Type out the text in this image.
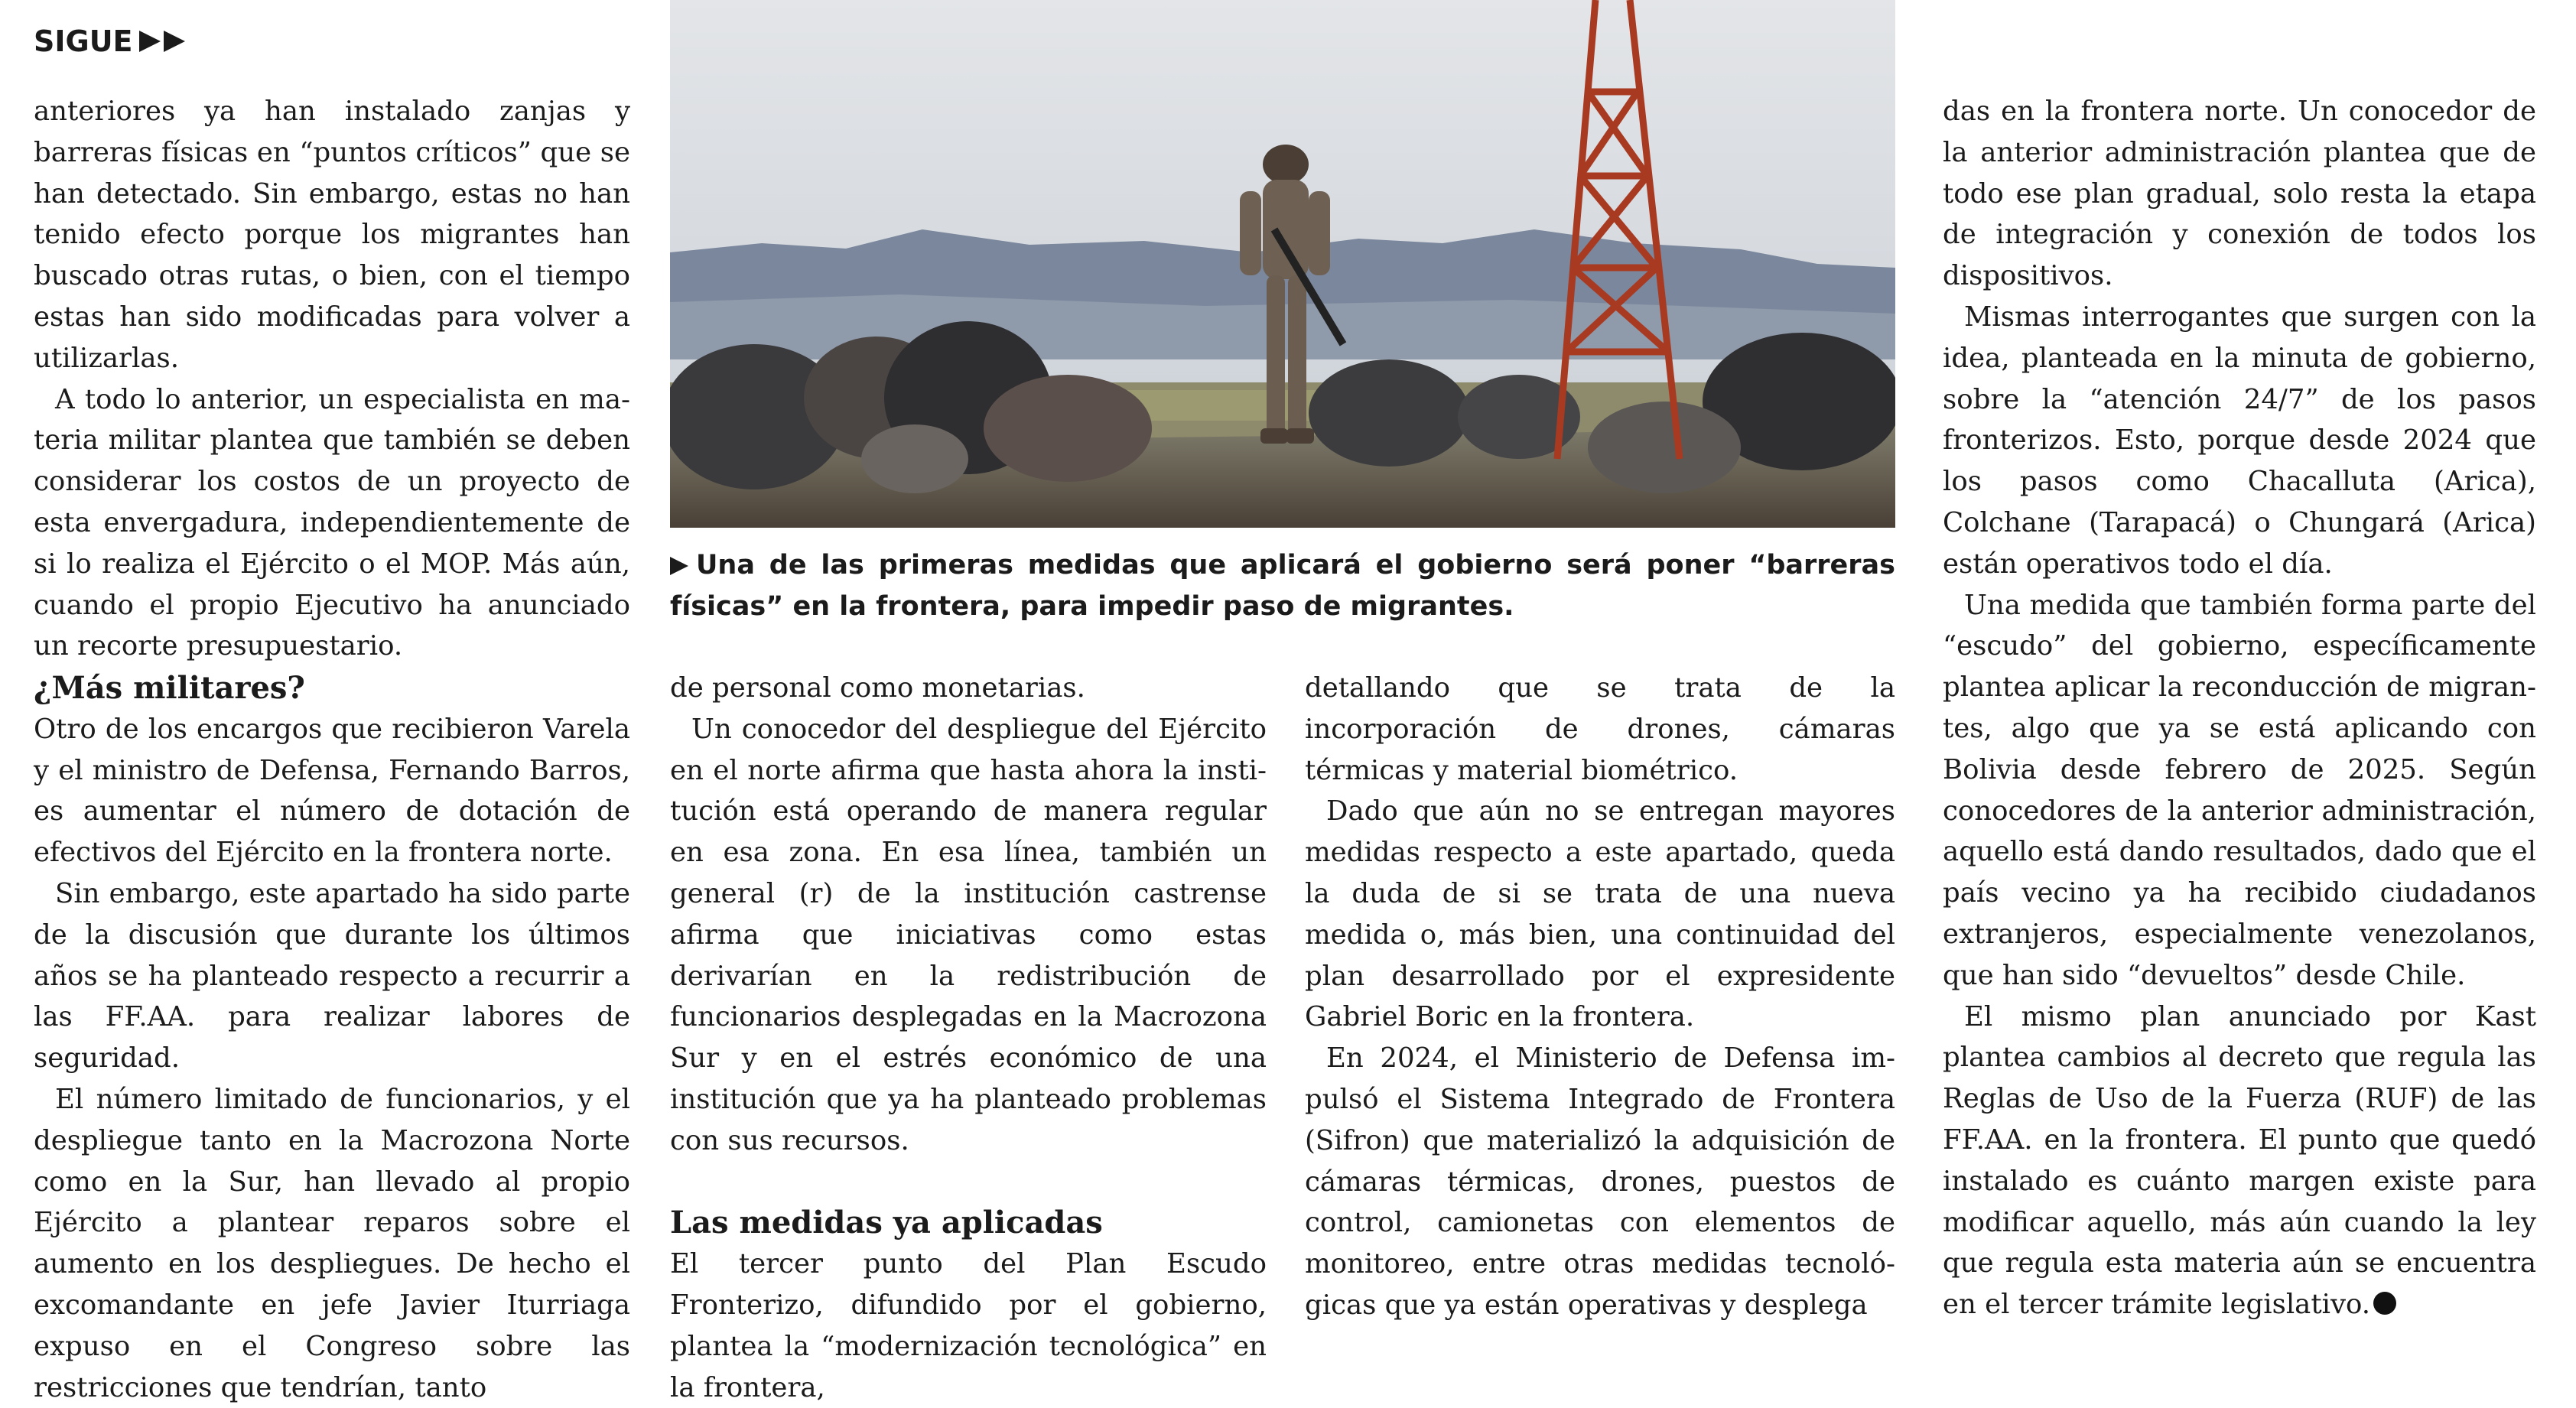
SIGUE
Una de las primeras medidas que aplicará el gobierno será poner “barreras físicas” en la frontera, para impedir paso de migrantes.

anteriores ya han instalado zanjas y barreras físicas en “puntos críticos” que se han detectado. Sin embargo, estas no han tenido efecto porque los migrantes han buscado otras rutas, o bien, con el tiempo estas han sido modificadas para volver a utilizarlas.

A todo lo anterior, un especialista en materia militar plantea que también se deben considerar los costos de un proyecto de esta envergadura, independientemente de si lo realiza el Ejército o el MOP. Más aún, cuando el propio Ejecutivo ha anunciado un recorte presupuestario.

¿Más militares?

Otro de los encargos que recibieron Varela y el ministro de Defensa, Fernando Barros, es aumentar el número de dotación de efectivos del Ejército en la frontera norte.

Sin embargo, este apartado ha sido parte de la discusión que durante los últimos años se ha planteado respecto a recurrir a las FF.AA. para realizar labores de seguridad.

El número limitado de funcionarios, y el despliegue tanto en la Macrozona Norte como en la Sur, han llevado al propio Ejército a plantear reparos sobre el aumento en los despliegues. De hecho el excomandante en jefe Javier Iturriaga expuso en el Congreso sobre las restricciones que tendrían, tanto

de personal como monetarias.

Un conocedor del despliegue del Ejército en el norte afirma que hasta ahora la institución está operando de manera regular en esa zona. En esa línea, también un general (r) de la institución castrense afirma que iniciativas como estas derivarían en la redistribución de funcionarios desplegadas en la Macrozona Sur y en el estrés económico de una institución que ya ha planteado problemas con sus recursos.

Las medidas ya aplicadas

El tercer punto del Plan Escudo Fronterizo, difundido por el gobierno, plantea la “modernización tecnológica” en la frontera,

detallando que se trata de la incorporación de drones, cámaras térmicas y material biométrico.

Dado que aún no se entregan mayores medidas respecto a este apartado, queda la duda de si se trata de una nueva medida o, más bien, una continuidad del plan desarrollado por el expresidente Gabriel Boric en la frontera.

En 2024, el Ministerio de Defensa impulsó el Sistema Integrado de Frontera (Sifron) que materializó la adquisición de cámaras térmicas, drones, puestos de control, camionetas con elementos de monitoreo, entre otras medidas tecnológicas que ya están operativas y desplega

das en la frontera norte. Un conocedor de la anterior administración plantea que de todo ese plan gradual, solo resta la etapa de integración y conexión de todos los dispositivos.

Mismas interrogantes que surgen con la idea, planteada en la minuta de gobierno, sobre la “atención 24/7” de los pasos fronterizos. Esto, porque desde 2024 que los pasos como Chacalluta (Arica), Colchane (Tarapacá) o Chungará (Arica) están operativos todo el día.

Una medida que también forma parte del “escudo” del gobierno, específicamente plantea aplicar la reconducción de migrantes, algo que ya se está aplicando con Bolivia desde febrero de 2025. Según conocedores de la anterior administración, aquello está dando resultados, dado que el país vecino ya ha recibido ciudadanos extranjeros, especialmente venezolanos, que han sido “devueltos” desde Chile.

El mismo plan anunciado por Kast plantea cambios al decreto que regula las Reglas de Uso de la Fuerza (RUF) de las FF.AA. en la frontera. El punto que quedó instalado es cuánto margen existe para modificar aquello, más aún cuando la ley que regula esta materia aún se encuentra en el tercer trámite legislativo.
